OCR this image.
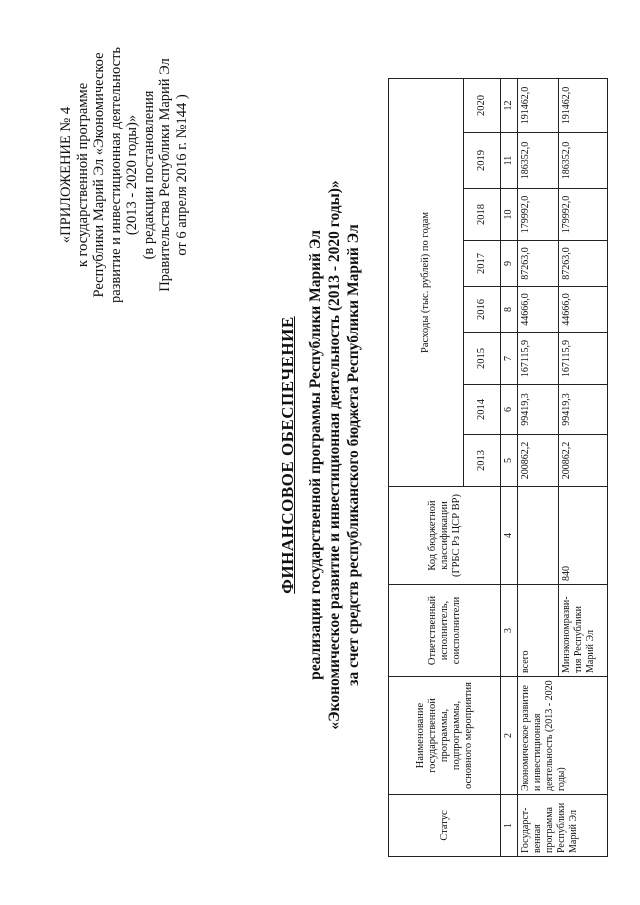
«ПРИЛОЖЕНИЕ № 4 к государственной программе Республики Марий Эл «Экономическое развитие и инвестиционная деятельность (2013 - 2020 годы)» (в редакции постановления Правительства Республики Марий Эл от 6 апреля 2016 г. №144 )
ФИНАНСОВОЕ ОБЕСПЕЧЕНИЕ реализации государственной программы Республики Марий Эл «Экономическое развитие и инвестиционная деятельность (2013 - 2020 годы)» за счет средств республиканского бюджета Республики Марий Эл
Статус	Наименование государственной программы, подпрограммы, основного мероприятия	Ответственный исполнитель, соисполнители	Код бюджетной классификации (ГРБС Рз ЦСР ВР)	Расходы (тыс. рублей) по годам							
				2013	2014	2015	2016	2017	2018	2019	2020
1	2	3	4	5	6	7	8	9	10	11	12
Государст-венная программа Республики Марий Эл	Экономическое развитие и инвестиционная деятельность (2013 - 2020 годы)	всего		200862,2	99419,3	167115,9	44666,0	87263,0	179992,0	186352,0	191462,0
		Минэкономразви-тия Республики Марий Эл	840	200862,2	99419,3	167115,9	44666,0	87263,0	179992,0	186352,0	191462,0
